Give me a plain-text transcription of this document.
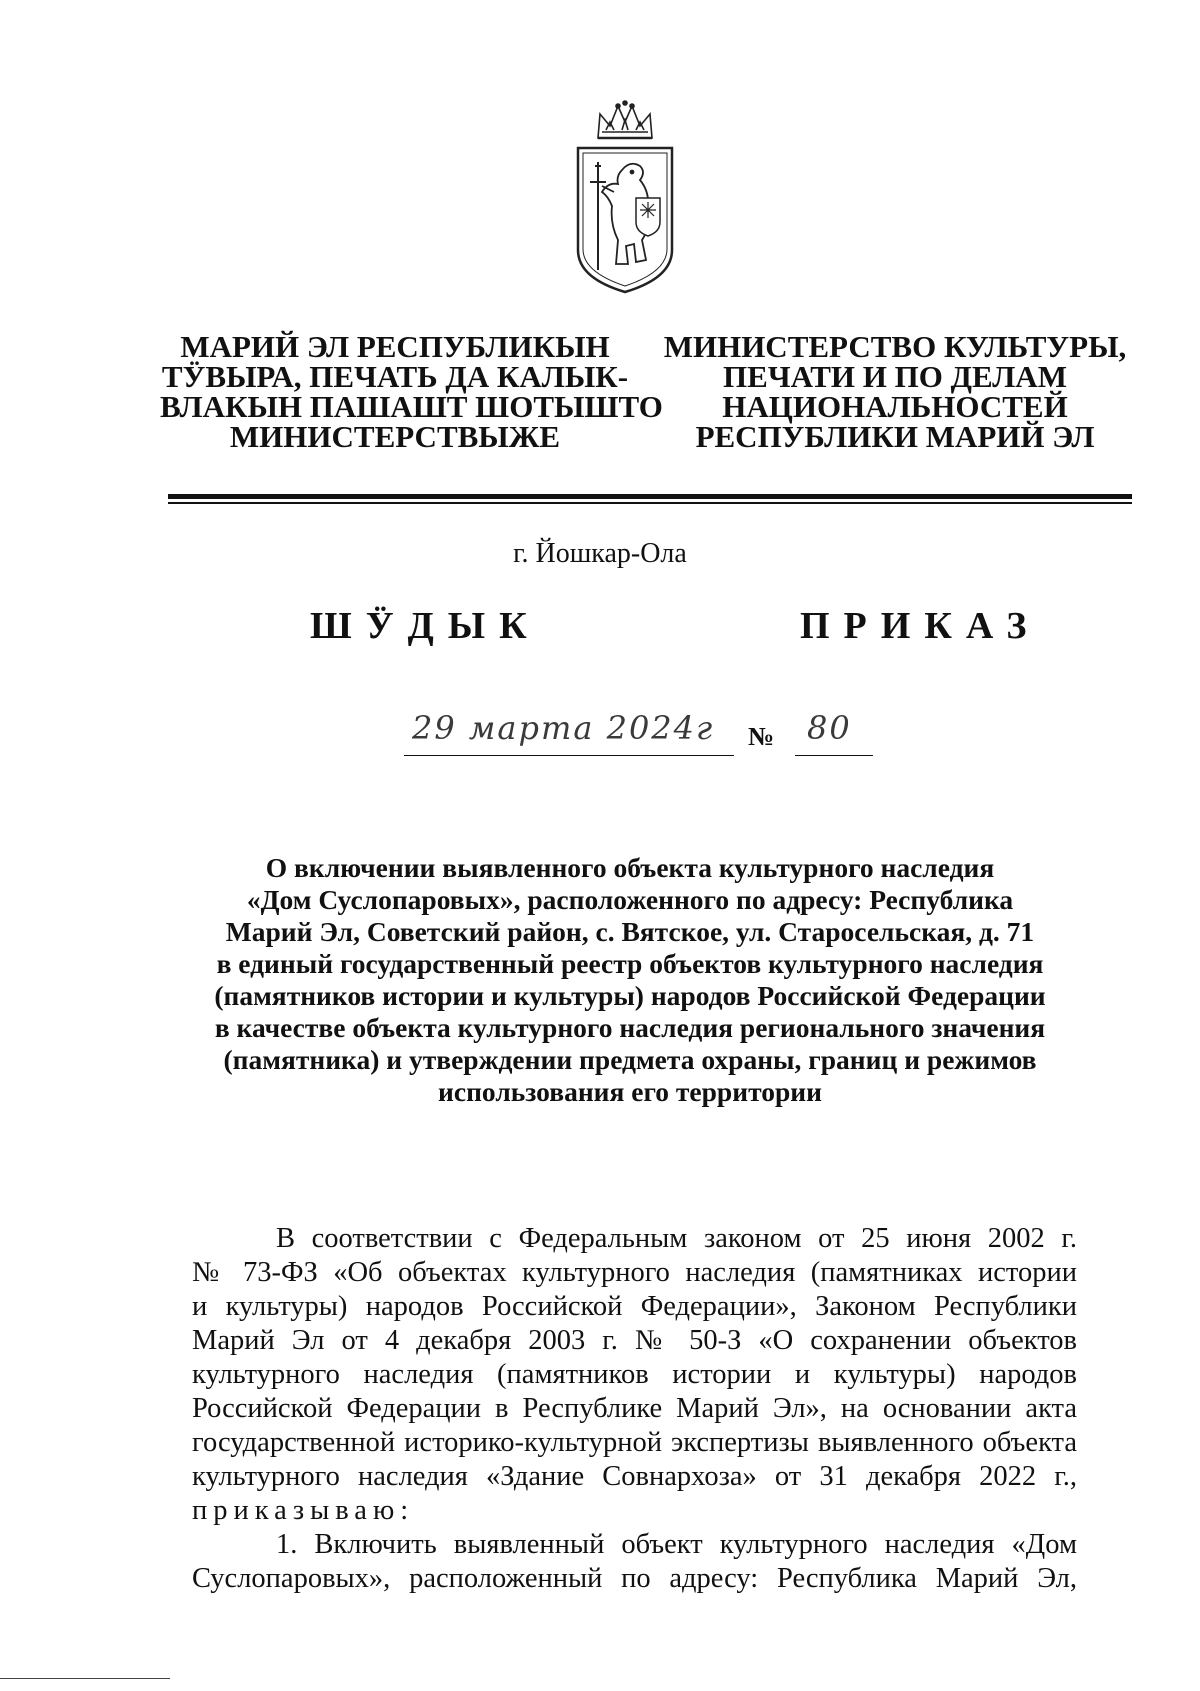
МАРИЙ ЭЛ РЕСПУБЛИКЫН
ТӰВЫРА, ПЕЧАТЬ ДА КАЛЫК-
ВЛАКЫН ПАШАШТ ШОТЫШТО
МИНИСТЕРСТВЫЖЕ
МИНИСТЕРСТВО КУЛЬТУРЫ,
ПЕЧАТИ И ПО ДЕЛАМ
НАЦИОНАЛЬНОСТЕЙ
РЕСПУБЛИКИ МАРИЙ ЭЛ
г. Йошкар-Ола
ШӰДЫК	ПРИКАЗ
29 марта 2024г № 80
О включении выявленного объекта культурного наследия
«Дом Суслопаровых», расположенного по адресу: Республика
Марий Эл, Советский район, с. Вятское, ул. Старосельская, д. 71
в единый государственный реестр объектов культурного наследия
(памятников истории и культуры) народов Российской Федерации
в качестве объекта культурного наследия регионального значения
(памятника) и утверждении предмета охраны, границ и режимов
использования его территории
В соответствии с Федеральным законом от 25 июня 2002 г.
№ 73-ФЗ «Об объектах культурного наследия (памятниках истории
и культуры) народов Российской Федерации», Законом Республики
Марий Эл от 4 декабря 2003 г. № 50-З «О сохранении объектов
культурного наследия (памятников истории и культуры) народов
Российской Федерации в Республике Марий Эл», на основании акта
государственной историко-культурной экспертизы выявленного объекта
культурного наследия «Здание Совнархоза» от 31 декабря 2022 г.,
приказываю:
1. Включить выявленный объект культурного наследия «Дом
Суслопаровых», расположенный по адресу: Республика Марий Эл,
